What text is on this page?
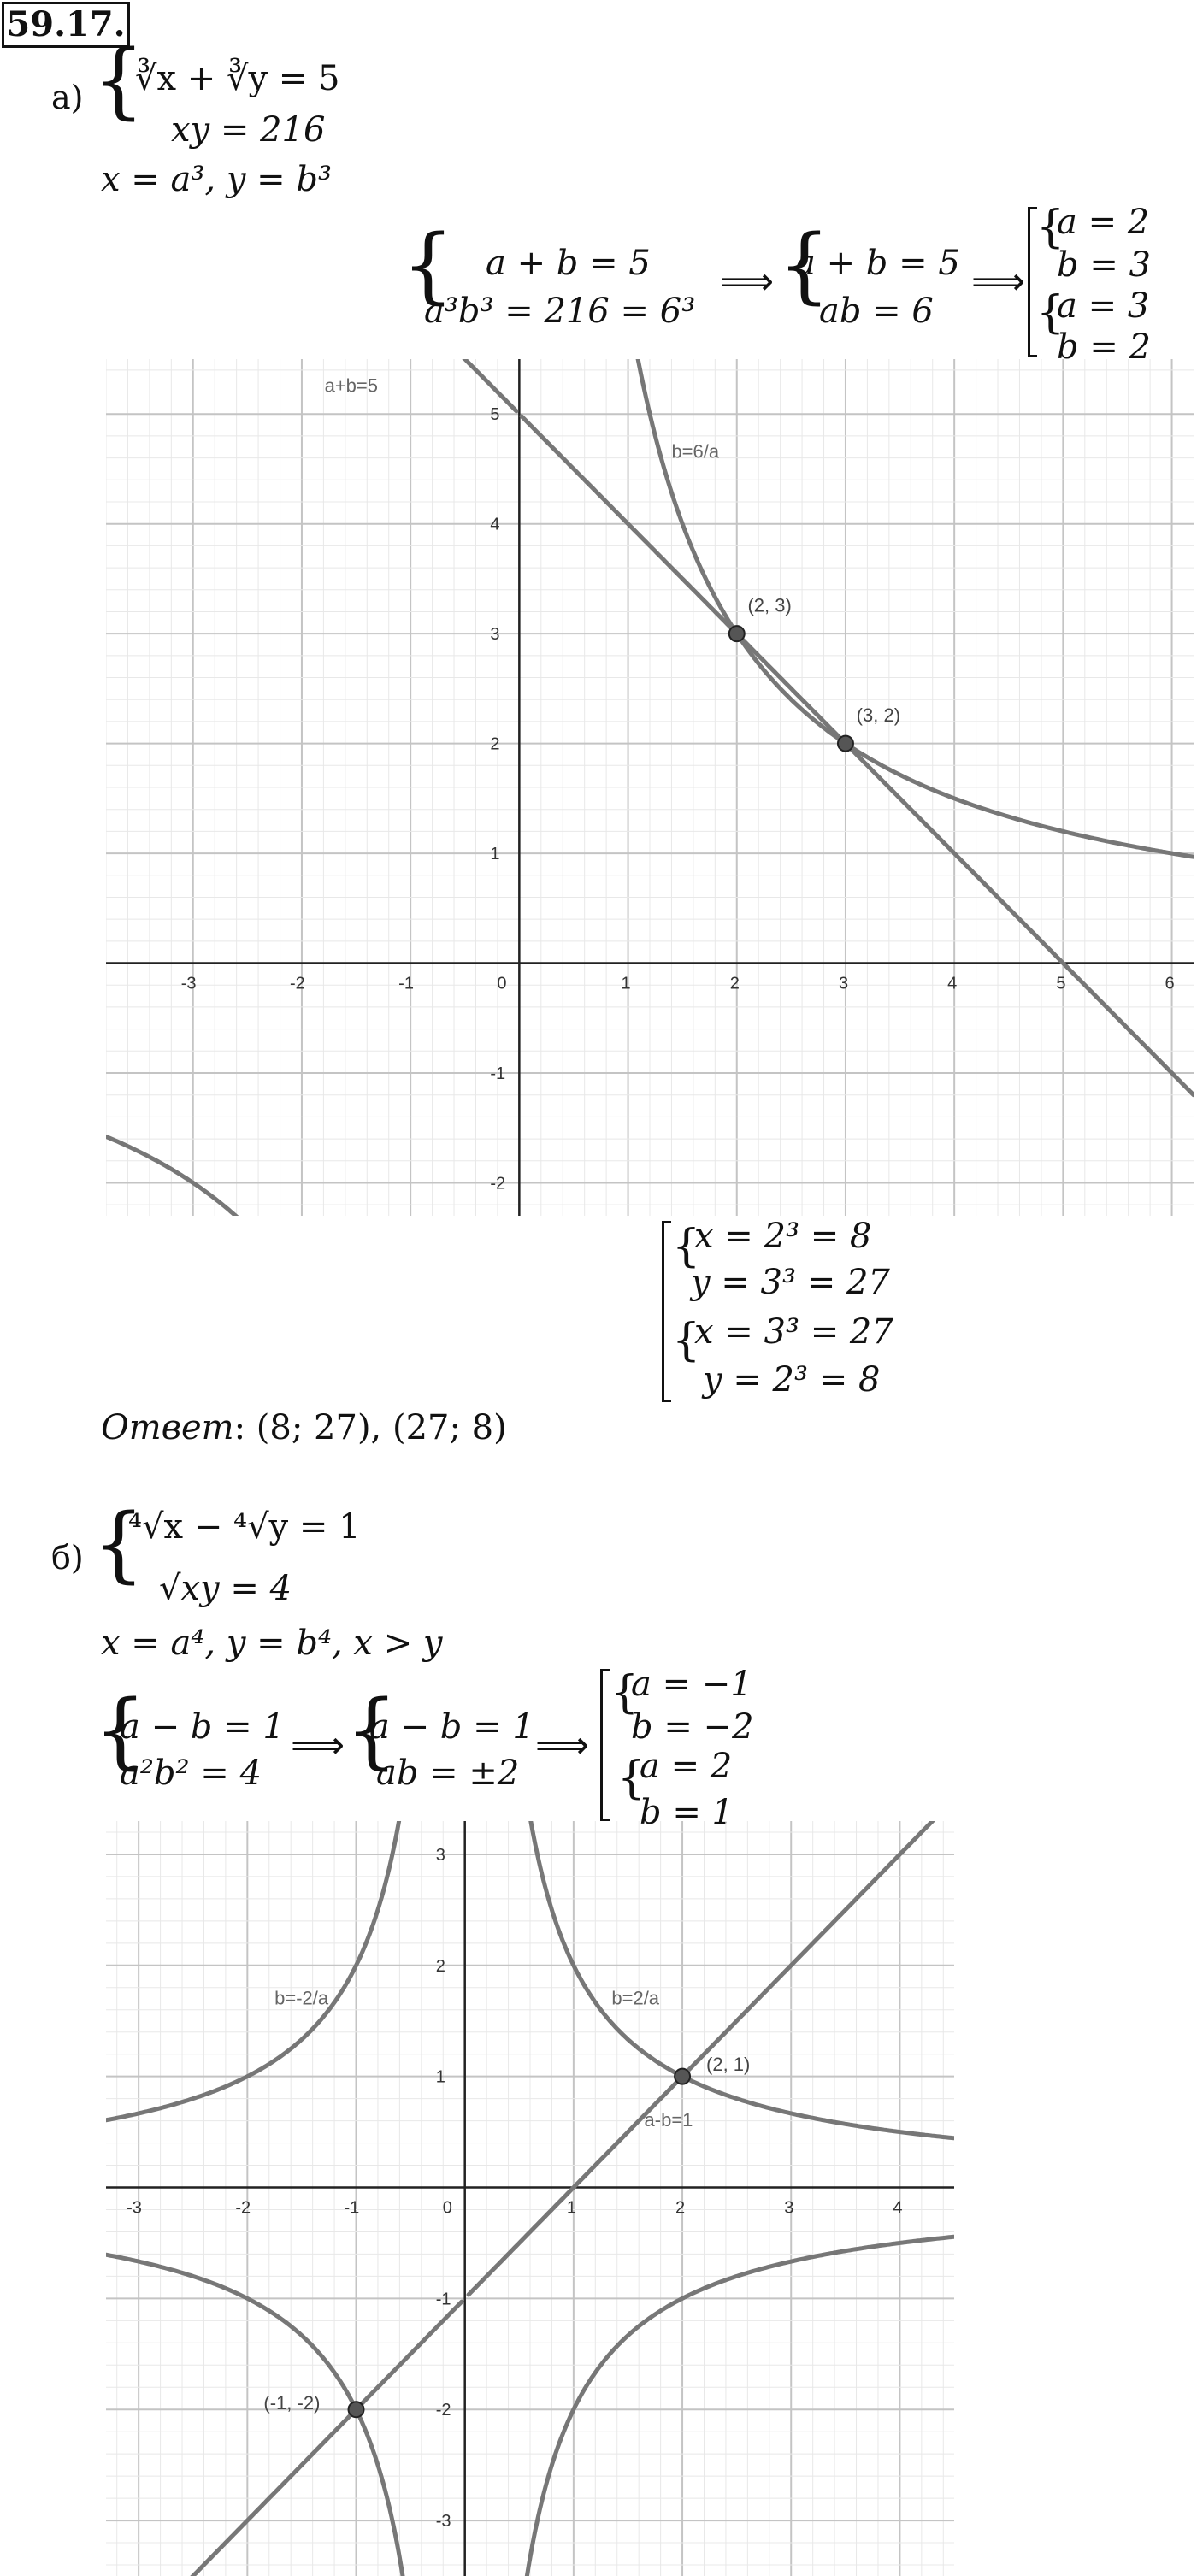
59.17.
а) {
∛x + ∛y = 5
xy = 216
x = a³, y = b³
{ a + b = 5
a³b³ = 216 = 6³
⟹ {
a + b = 5
ab = 6
⟹
{
a = 2
b = 3
{
a = 3
b = 2
-3	-2	-1	0	1	2	3	4	5	6
-2
-1
1
2
3
4
5
a+b=5
b=6/a
(2, 3)
(3, 2)
{
x = 2³ = 8
y = 3³ = 27
{
x = 3³ = 27
y = 2³ = 8
Ответ: (8; 27), (27; 8)
б) {
⁴√x − ⁴√y = 1
√xy = 4
x = a⁴, y = b⁴, x > y
{
a − b = 1
a²b² = 4
⟹ {
a − b = 1
ab = ±2
⟹
{
a = −1
b = −2
{
a = 2
b = 1
-3	-2	-1	0	1	2	3	4
-3
-2
-1
1
2
3
b=-2/a	b=2/a
a-b=1
(2, 1)
(-1, -2)
